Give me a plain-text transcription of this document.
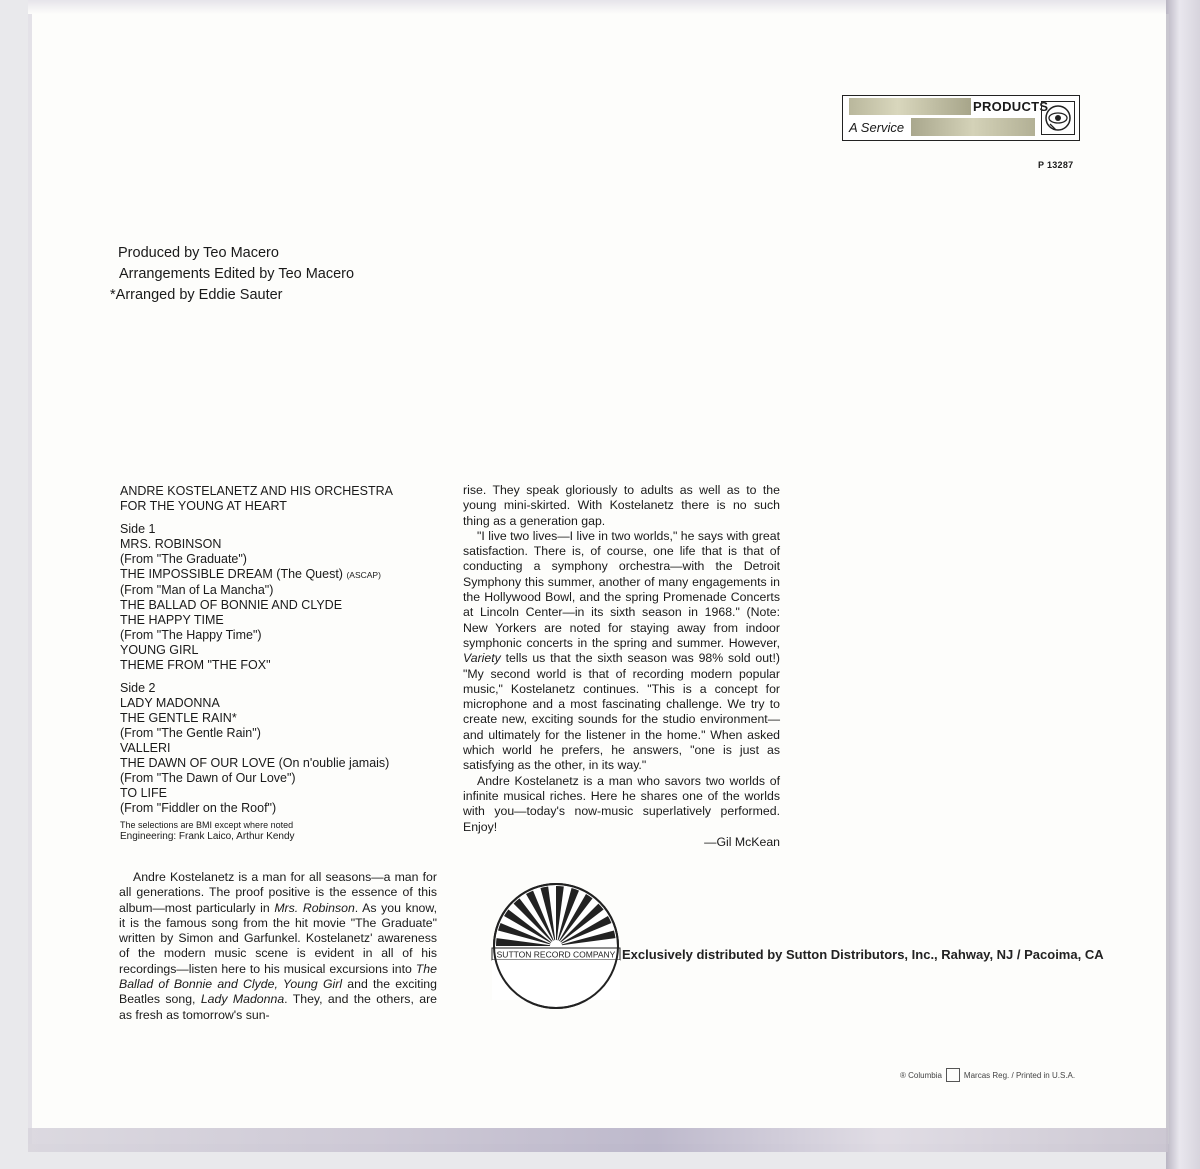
PRODUCTS
A Service
P 13287
Produced by Teo Macero
Arrangements Edited by Teo Macero
*Arranged by Eddie Sauter
ANDRE KOSTELANETZ AND HIS ORCHESTRA
FOR THE YOUNG AT HEART
Side 1
MRS. ROBINSON
(From "The Graduate")
THE IMPOSSIBLE DREAM (The Quest) (ASCAP)
(From "Man of La Mancha")
THE BALLAD OF BONNIE AND CLYDE
THE HAPPY TIME
(From "The Happy Time")
YOUNG GIRL
THEME FROM "THE FOX"
Side 2
LADY MADONNA
THE GENTLE RAIN*
(From "The Gentle Rain")
VALLERI
THE DAWN OF OUR LOVE (On n'oublie jamais)
(From "The Dawn of Our Love")
TO LIFE
(From "Fiddler on the Roof")
The selections are BMI except where noted
Engineering: Frank Laico, Arthur Kendy

Andre Kostelanetz is a man for all seasons—a man for all generations. The proof positive is the essence of this album—most particularly in Mrs. Robinson. As you know, it is the famous song from the hit movie "The Graduate" written by Simon and Garfunkel. Kostelanetz' awareness of the modern music scene is evident in all of his recordings—listen here to his musical excursions into The Ballad of Bonnie and Clyde, Young Girl and the exciting Beatles song, Lady Madonna. They, and the others, are as fresh as tomorrow's sun-

rise. They speak gloriously to adults as well as to the young mini-skirted. With Kostelanetz there is no such thing as a generation gap.

"I live two lives—I live in two worlds," he says with great satisfaction. There is, of course, one life that is that of conducting a symphony orchestra—with the Detroit Symphony this summer, another of many engagements in the Hollywood Bowl, and the spring Promenade Concerts at Lincoln Center—in its sixth season in 1968." (Note: New Yorkers are noted for staying away from indoor symphonic concerts in the spring and summer. However, Variety tells us that the sixth season was 98% sold out!) "My second world is that of recording modern popular music," Kostelanetz continues. "This is a concept for microphone and a most fascinating challenge. We try to create new, exciting sounds for the studio environment—and ultimately for the listener in the home." When asked which world he prefers, he answers, "one is just as satisfying as the other, in its way."

Andre Kostelanetz is a man who savors two worlds of infinite musical riches. Here he shares one of the worlds with you—today's now-music superlatively performed. Enjoy!

—Gil McKean
SUTTON RECORD COMPANY Exclusively distributed by Sutton Distributors, Inc., Rahway, NJ / Pacoima, CA
® Columbia	Marcas Reg. / Printed in U.S.A.
